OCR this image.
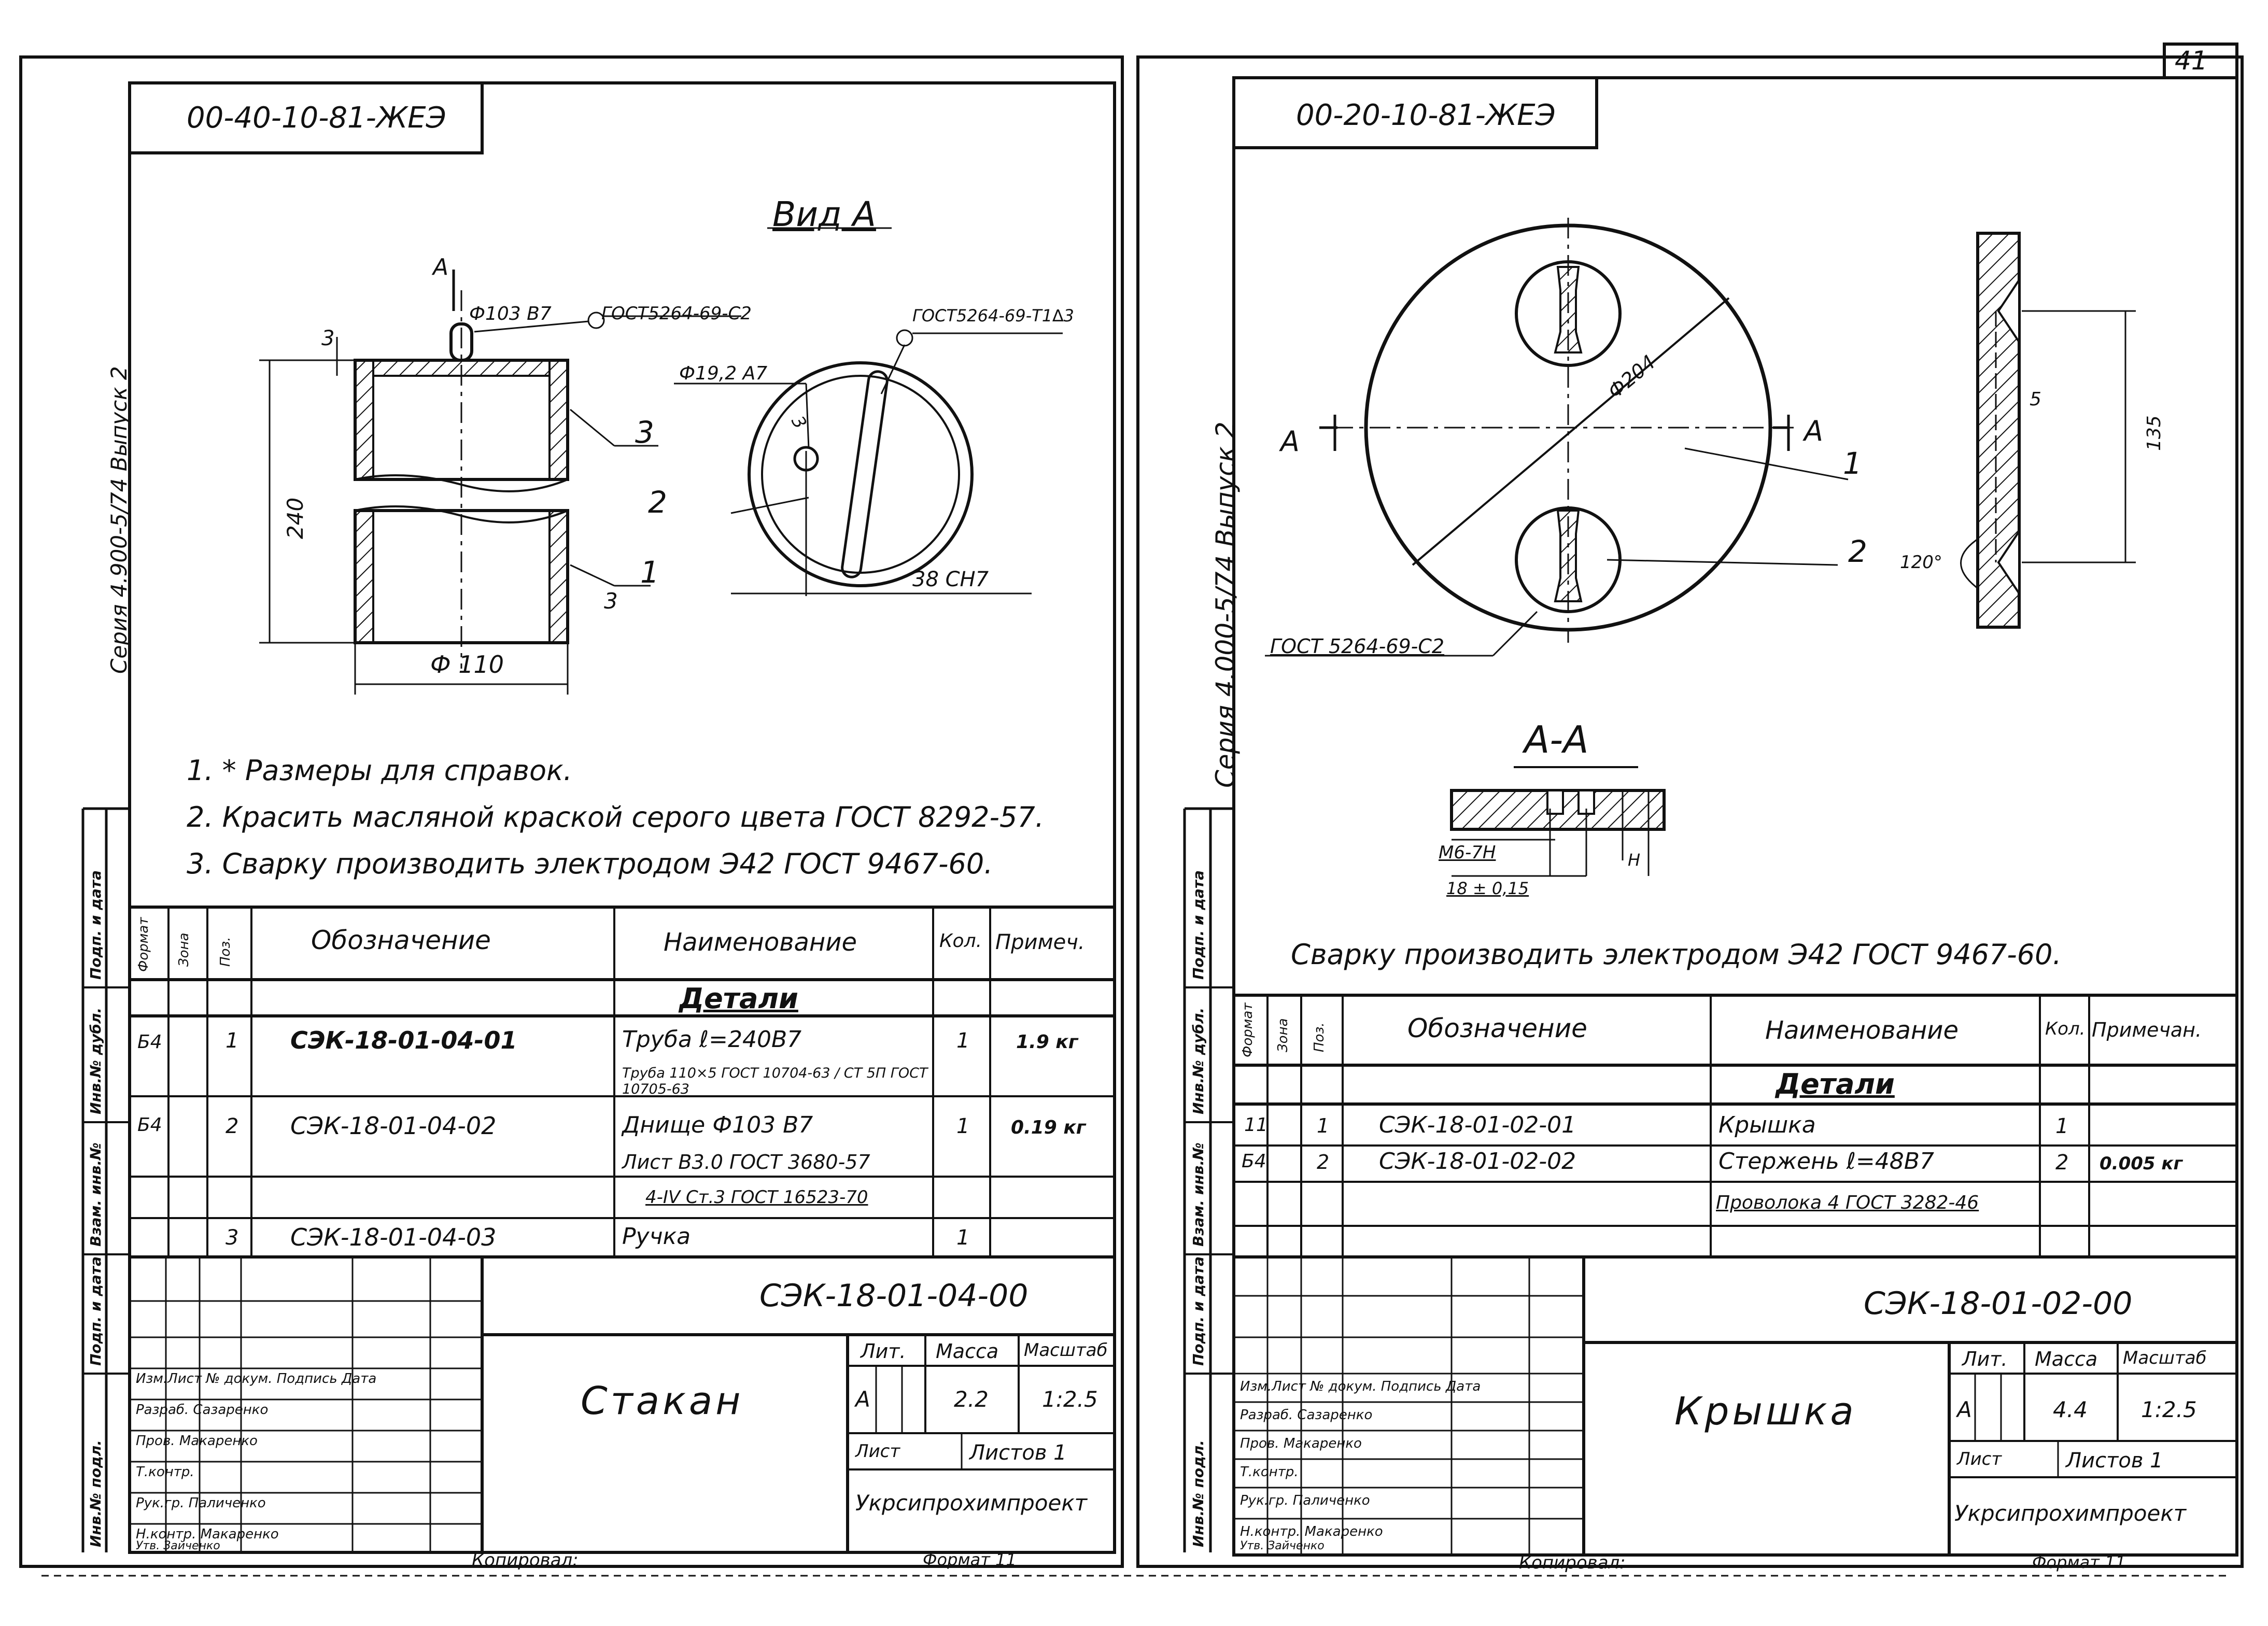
41
00-40-10-81-ЖЕЭ
Серия 4.900-5/74 Выпуск 2
Вид А
А
Ф103 В7	ГОСТ5264-69-С2	ГОСТ5264-69-Т1∆3
Ф19,2 А7
240
Ф 110
38 СН7
3
3
3
1
2
3
1. * Размеры для справок.
2. Красить масляной краской серого цвета ГОСТ 8292-57.
3. Сварку производить электродом Э42 ГОСТ 9467-60.
Формат Зона Поз.	Обозначение	Наименование	Кол. Примеч.
Детали
Б4	1 СЭК-18-01-04-01	Труба ℓ=240В7	1 1.9 кг
Труба 110×5 ГОСТ 10704-63 / СТ 5П ГОСТ 10705-63
Б4	2 СЭК-18-01-04-02	Днище Ф103 В7	1 0.19 кг
Лист В3.0 ГОСТ 3680-57
4-IV Ст.3 ГОСТ 16523-70
3 СЭК-18-01-04-03	Ручка	1
СЭК-18-01-04-00
Стакан
Лит. Масса Масштаб
А	2.2 1:2.5
Лист	Листов 1
Укрсипрохимпроект
Изм.Лист № докум. Подпись Дата
Разраб. Сазаренко
Пров. Макаренко
Т.контр.
Рук.гр. Паличенко
Н.контр. Макаренко
Утв. Зайченко
Подп. и дата
Инв.№ дубл.
Взам. инв.№
Подп. и дата
Инв.№ подл.
Копировал:	Формат 11
00-20-10-81-ЖЕЭ
Серия 4.000-5/74 Выпуск 2
Ф204
А	А
1
2 120°
135
5
ГОСТ 5264-69-С2
А-А
М6-7Н
18 ± 0,15
Н
Сварку производить электродом Э42 ГОСТ 9467-60.
Формат Зона Поз.	Обозначение	Наименование	Кол. Примечан.
Детали
11 1 СЭК-18-01-02-01	Крышка	1
Б4	2 СЭК-18-01-02-02	Стержень ℓ=48В7	2 0.005 кг
Проволока 4 ГОСТ 3282-46
СЭК-18-01-02-00
Крышка
Лит. Масса Масштаб
А	4.4 1:2.5
Лист	Листов 1
Укрсипрохимпроект
Изм.Лист № докум. Подпись Дата
Разраб. Сазаренко
Пров. Макаренко
Т.контр.
Рук.гр. Паличенко
Н.контр. Макаренко
Утв. Зайченко
Подп. и дата
Инв.№ дубл.
Взам. инв.№
Подп. и дата
Инв.№ подл.
Копировал:	Формат 11
